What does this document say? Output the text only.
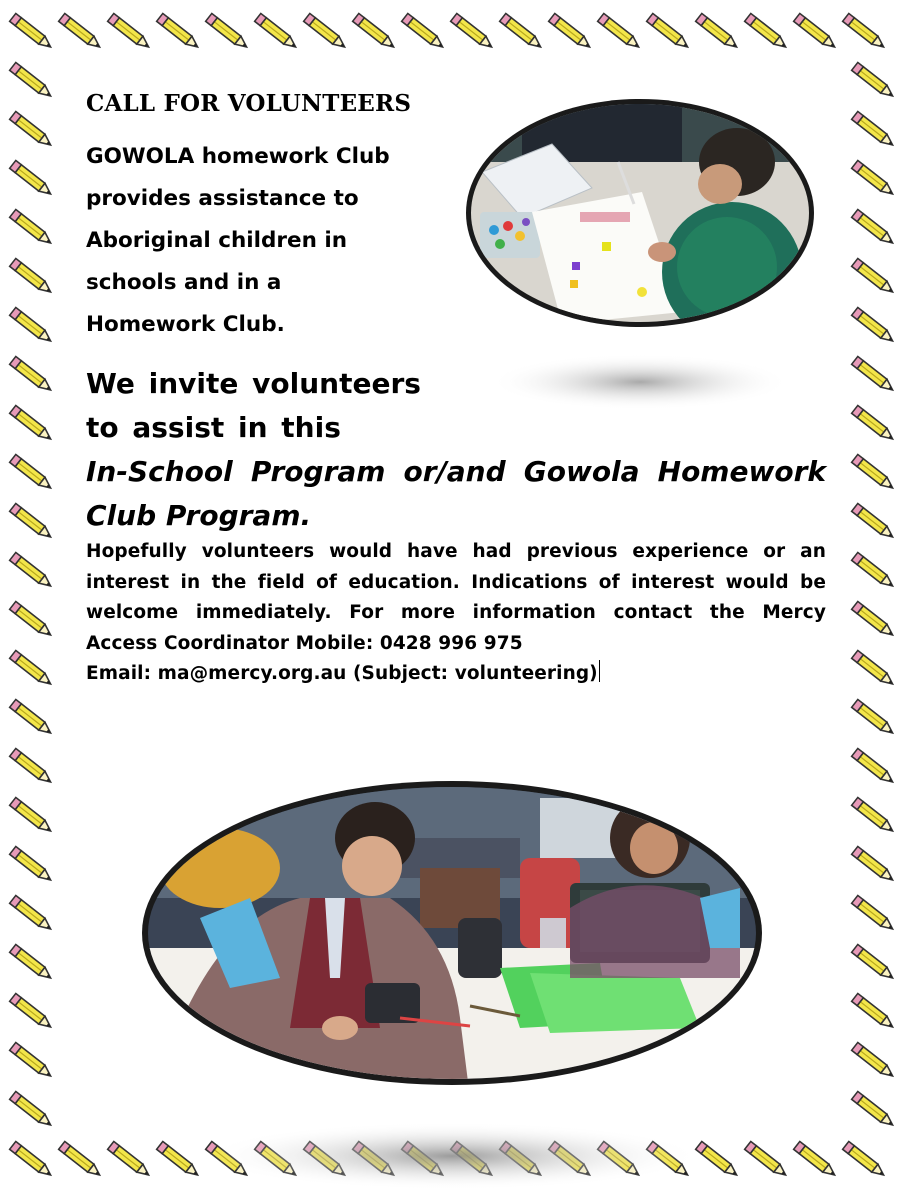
CALL FOR VOLUNTEERS
GOWOLA homework Club
provides assistance to
Aboriginal children in
schools and in a
Homework Club.
We invite volunteers
to assist in this
In-School Program or/and Gowola Homework Club Program.
Hopefully volunteers would have had previous experience or an interest in the field of education. Indications of interest would be welcome immediately. For more information contact the Mercy Access Coordinator Mobile: 0428 996 975
Email: ma@mercy.org.au (Subject: volunteering)
